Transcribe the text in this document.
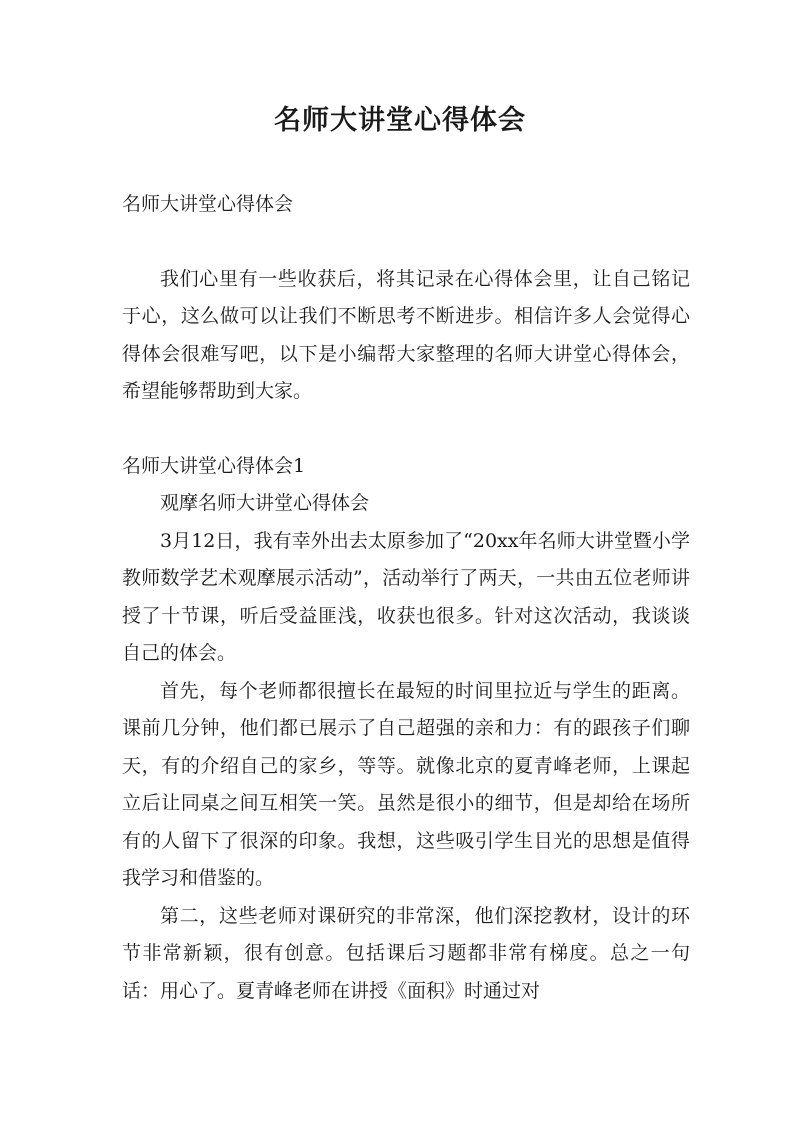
名师大讲堂心得体会

名师大讲堂心得体会

我们心里有一些收获后，将其记录在心得体会里，让自己铭记于心，这么做可以让我们不断思考不断进步。相信许多人会觉得心得体会很难写吧，以下是小编帮大家整理的名师大讲堂心得体会，希望能够帮助到大家。

名师大讲堂心得体会1

观摩名师大讲堂心得体会

3月12日，我有幸外出去太原参加了“20xx年名师大讲堂暨小学教师数学艺术观摩展示活动”，活动举行了两天，一共由五位老师讲授了十节课，听后受益匪浅，收获也很多。针对这次活动，我谈谈自己的体会。

首先，每个老师都很擅长在最短的时间里拉近与学生的距离。课前几分钟，他们都已展示了自己超强的亲和力：有的跟孩子们聊天，有的介绍自己的家乡，等等。就像北京的夏青峰老师，上课起立后让同桌之间互相笑一笑。虽然是很小的细节，但是却给在场所有的人留下了很深的印象。我想，这些吸引学生目光的思想是值得我学习和借鉴的。

第二，这些老师对课研究的非常深，他们深挖教材，设计的环节非常新颖，很有创意。包括课后习题都非常有梯度。总之一句话：用心了。夏青峰老师在讲授《面积》时通过对
